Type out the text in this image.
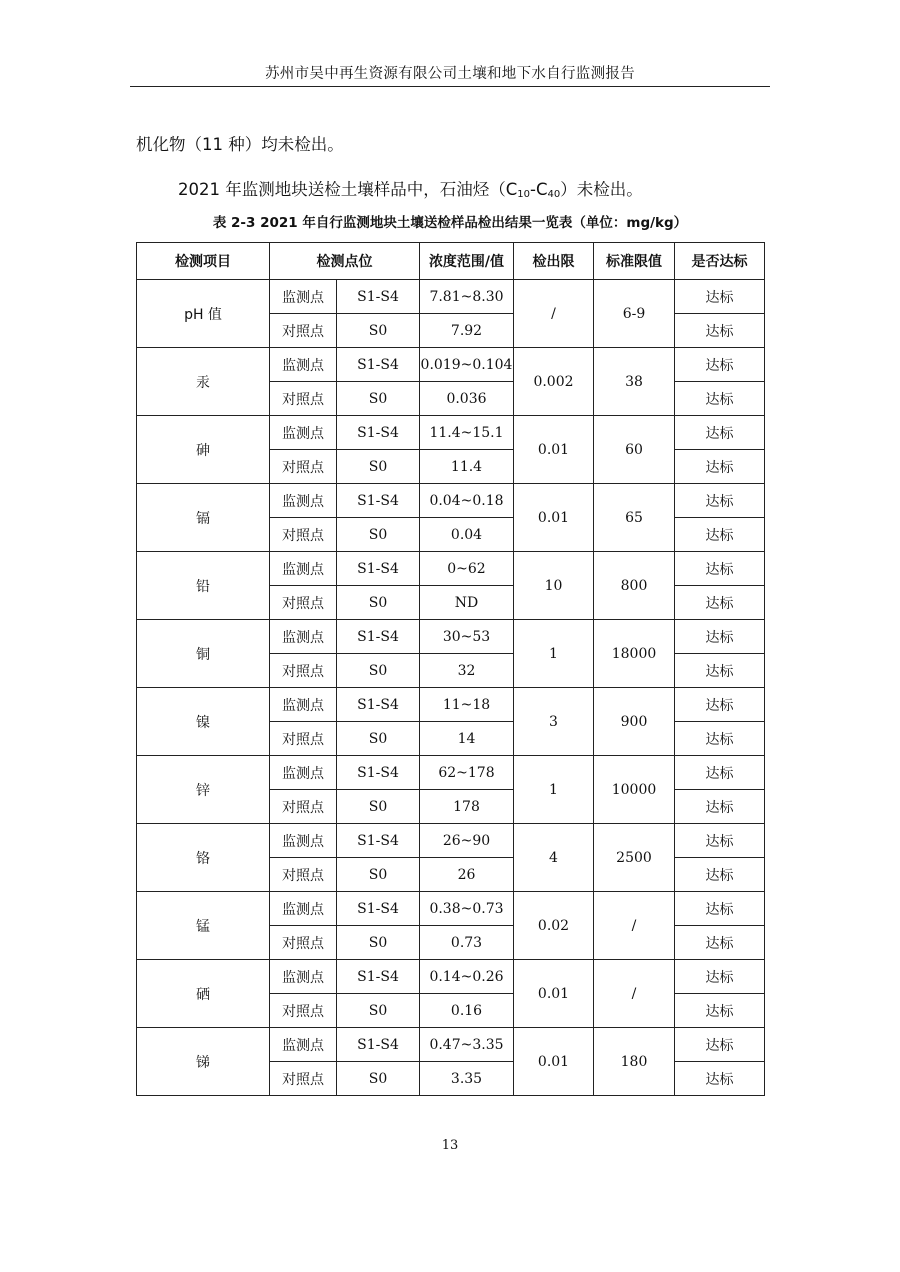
苏州市吴中再生资源有限公司土壤和地下水自行监测报告
机化物（11 种）均未检出。
2021 年监测地块送检土壤样品中，石油烃$(C_{10}-C_{40})$未检出。
表 2-3 2021 年自行监测地块土壤送检样品检出结果一览表（单位：mg/kg）
检测项目	检测点位		浓度范围/值	检出限	标准限值	是否达标
pH 值	监测点	S1-S4	7.81~8.30	/	6-9	达标
	对照点	S0	7.92			达标
汞	监测点	S1-S4	0.019~0.104	0.002	38	达标
	对照点	S0	0.036			达标
砷	监测点	S1-S4	11.4~15.1	0.01	60	达标
	对照点	S0	11.4			达标
镉	监测点	S1-S4	0.04~0.18	0.01	65	达标
	对照点	S0	0.04			达标
铅	监测点	S1-S4	0~62	10	800	达标
	对照点	S0	ND			达标
铜	监测点	S1-S4	30~53	1	18000	达标
	对照点	S0	32			达标
镍	监测点	S1-S4	11~18	3	900	达标
	对照点	S0	14			达标
锌	监测点	S1-S4	62~178	1	10000	达标
	对照点	S0	178			达标
铬	监测点	S1-S4	26~90	4	2500	达标
	对照点	S0	26			达标
锰	监测点	S1-S4	0.38~0.73	0.02	/	达标
	对照点	S0	0.73			达标
硒	监测点	S1-S4	0.14~0.26	0.01	/	达标
	对照点	S0	0.16			达标
锑	监测点	S1-S4	0.47~3.35	0.01	180	达标
	对照点	S0	3.35			达标
13
